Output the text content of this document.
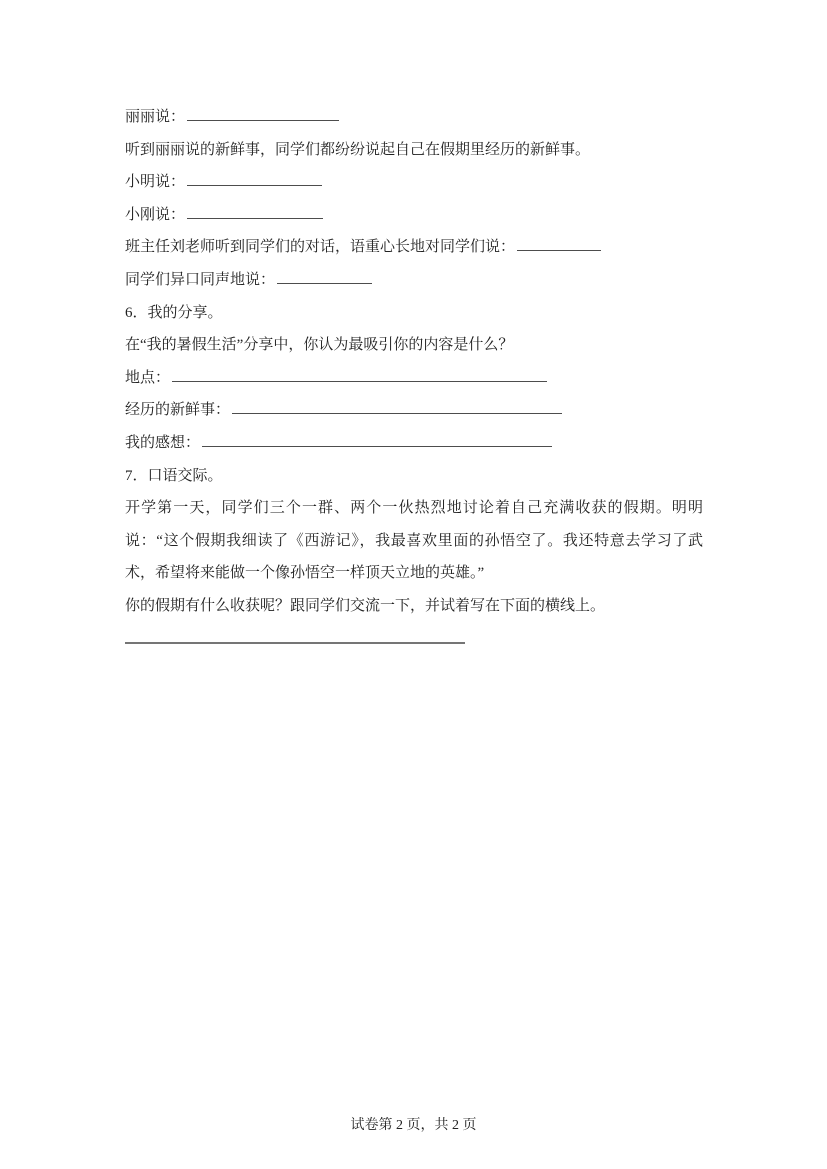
丽丽说：
听到丽丽说的新鲜事，同学们都纷纷说起自己在假期里经历的新鲜事。
小明说：
小刚说：
班主任刘老师听到同学们的对话，语重心长地对同学们说：
同学们异口同声地说：
6．我的分享。
在“我的暑假生活”分享中，你认为最吸引你的内容是什么？
地点：
经历的新鲜事：
我的感想：
7．口语交际。
开学第一天，同学们三个一群、两个一伙热烈地讨论着自己充满收获的假期。明明说：“这个假期我细读了《西游记》，我最喜欢里面的孙悟空了。我还特意去学习了武术，希望将来能做一个像孙悟空一样顶天立地的英雄。”
你的假期有什么收获呢？跟同学们交流一下，并试着写在下面的横线上。
试卷第 2 页，共 2 页
